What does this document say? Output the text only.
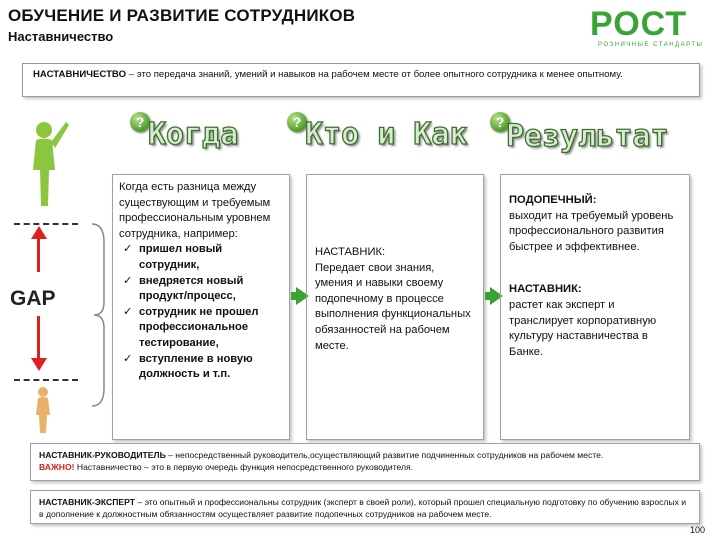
ОБУЧЕНИЕ И РАЗВИТИЕ СОТРУДНИКОВ
Наставничество	РОСТ
РОЗНИЧНЫЕ СТАНДАРТЫ
НАСТАВНИЧЕСТВО – это передача знаний, умений и навыков на рабочем месте от более опытного сотрудника к менее опытному.
GAP
? Когда	? Кто и Как	? Результат
Когда есть разница между существующим и требуемым профессиональным уровнем сотрудника, например:
✓ пришел новый сотрудник,
✓ внедряется новый продукт/процесс,
✓ сотрудник не прошел профессиональное тестирование,
✓ вступление в новую должность и т.п.
НАСТАВНИК:
Передает свои знания, умения и навыки своему подопечному в процессе выполнения функциональных обязанностей на рабочем месте.
ПОДОПЕЧНЫЙ:
выходит на требуемый уровень профессионального развития быстрее и эффективнее.
НАСТАВНИК:
растет как эксперт и транслирует корпоративную культуру наставничества в Банке.
НАСТАВНИК-РУКОВОДИТЕЛЬ – непосредственный руководитель,осуществляющий развитие подчиненных сотрудников на рабочем месте.
ВАЖНО! Наставничество – это в первую очередь функция непосредственного руководителя.
НАСТАВНИК-ЭКСПЕРТ – это опытный и профессиональны сотрудник (эксперт в своей роли), который прошел специальную подготовку по обучению взрослых и в дополнение к должностным обязанностям осуществляет развитие подопечных сотрудников на рабочем месте.
100
